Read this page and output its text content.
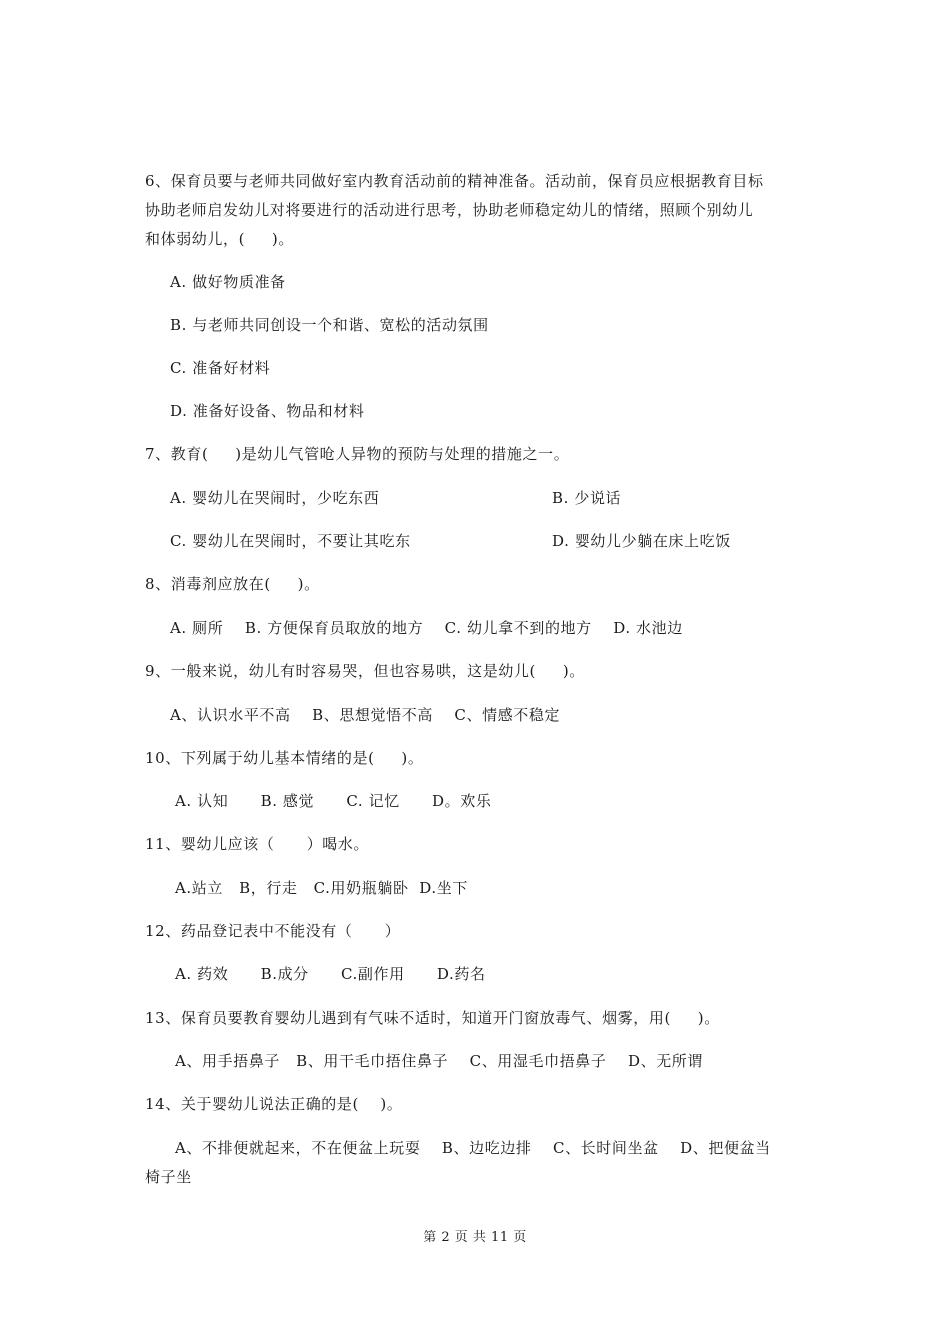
6、保育员要与老师共同做好室内教育活动前的精神准备。活动前，保育员应根据教育目标
协助老师启发幼儿对将要进行的活动进行思考，协助老师稳定幼儿的情绪，照顾个别幼儿
和体弱幼儿，(     )。
A. 做好物质准备
B. 与老师共同创设一个和谐、宽松的活动氛围
C. 准备好材料
D. 准备好设备、物品和材料
7、教育(     )是幼儿气管呛人异物的预防与处理的措施之一。
A. 婴幼儿在哭闹时，少吃东西	B. 少说话
C. 婴幼儿在哭闹时，不要让其吃东	D. 婴幼儿少躺在床上吃饭
8、消毒剂应放在(     )。
A. 厕所    B. 方便保育员取放的地方    C. 幼儿拿不到的地方    D. 水池边
9、一般来说，幼儿有时容易哭，但也容易哄，这是幼儿(     )。
A、认识水平不高    B、思想觉悟不高    C、情感不稳定
10、下列属于幼儿基本情绪的是(     )。
A. 认知      B. 感觉      C. 记忆      D。欢乐
11、婴幼儿应该（      ）喝水。
A.站立   B，行走   C.用奶瓶躺卧  D.坐下
12、药品登记表中不能没有（      ）
A. 药效      B.成分      C.副作用      D.药名
13、保育员要教育婴幼儿遇到有气味不适时，知道开门窗放毒气、烟雾，用(     )。
A、用手捂鼻子   B、用干毛巾捂住鼻子    C、用湿毛巾捂鼻子    D、无所谓
14、关于婴幼儿说法正确的是(    )。
A、不排便就起来，不在便盆上玩耍    B、边吃边排    C、长时间坐盆    D、把便盆当
椅子坐
第 2 页 共 11 页
